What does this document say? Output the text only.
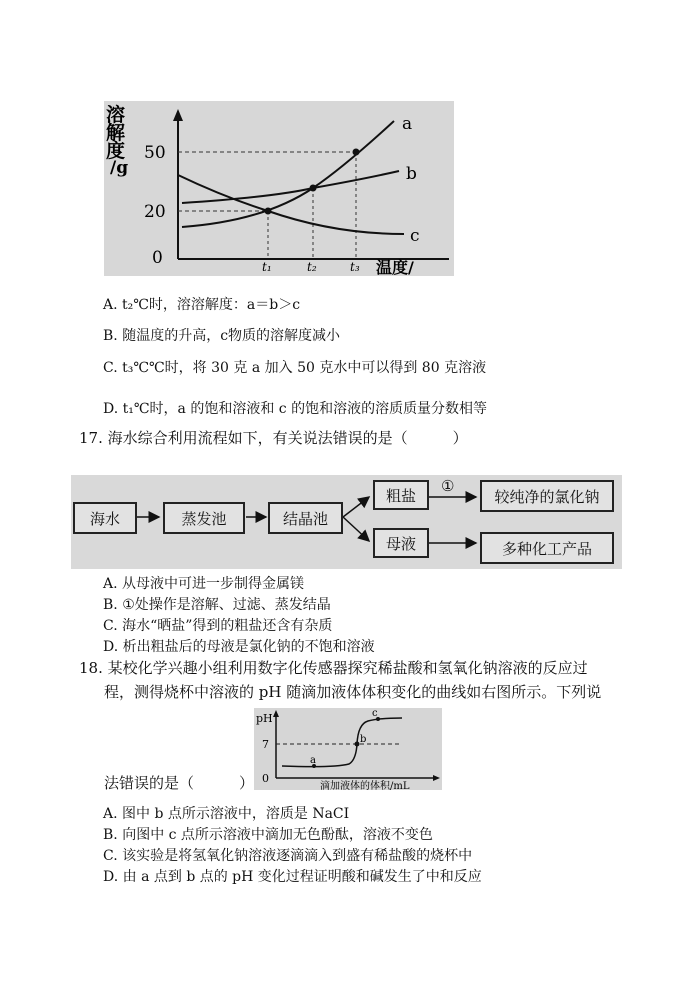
溶
解
度
/g
50
20
0	t₁	t₂	t₃ 温度/
a
b
c
A. t₂℃时，溶溶解度：a＝b＞c
B. 随温度的升高，c物质的溶解度减小
C. t₃℃℃时，将 30 克 a 加入 50 克水中可以得到 80 克溶液
D. t₁℃时，a 的饱和溶液和 c 的饱和溶液的溶质质量分数相等
17. 海水综合利用流程如下，有关说法错误的是（　　　）
海水	蒸发池	结晶池
粗盐
①
较纯净的氯化钠
母液	多种化工产品
A. 从母液中可进一步制得金属镁
B. ①处操作是溶解、过滤、蒸发结晶
C. 海水“晒盐”得到的粗盐还含有杂质
D. 析出粗盐后的母液是氯化钠的不饱和溶液
18. 某校化学兴趣小组利用数字化传感器探究稀盐酸和氢氧化钠溶液的反应过
程，测得烧杯中溶液的 pH 随滴加液体体积变化的曲线如右图所示。下列说
pH
7
0
a
b
c
滴加液体的体积/mL
法错误的是（　　　）
A. 图中 b 点所示溶液中，溶质是 NaCI
B. 向图中 c 点所示溶液中滴加无色酚酞，溶液不变色
C. 该实验是将氢氧化钠溶液逐滴滴入到盛有稀盐酸的烧杯中
D. 由 a 点到 b 点的 pH 变化过程证明酸和碱发生了中和反应
